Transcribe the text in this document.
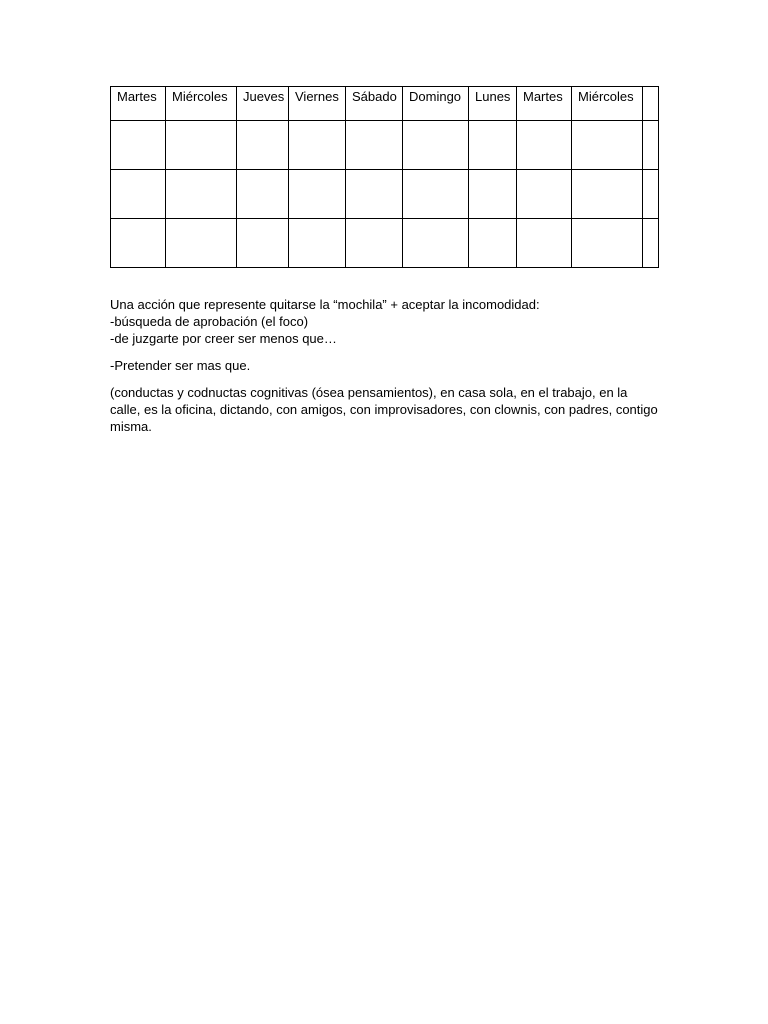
Martes	Miércoles	Jueves	Viernes	Sábado	Domingo	Lunes	Martes	Miércoles	

Una acción que represente quitarse la “mochila” + aceptar la incomodidad:

-búsqueda de aprobación (el foco)

-de juzgarte por creer ser menos que…

-Pretender ser mas que.

(conductas y codnuctas cognitivas (ósea pensamientos), en casa sola, en el trabajo, en la calle, es la oficina, dictando, con amigos, con improvisadores, con clownis, con padres, contigo misma.
